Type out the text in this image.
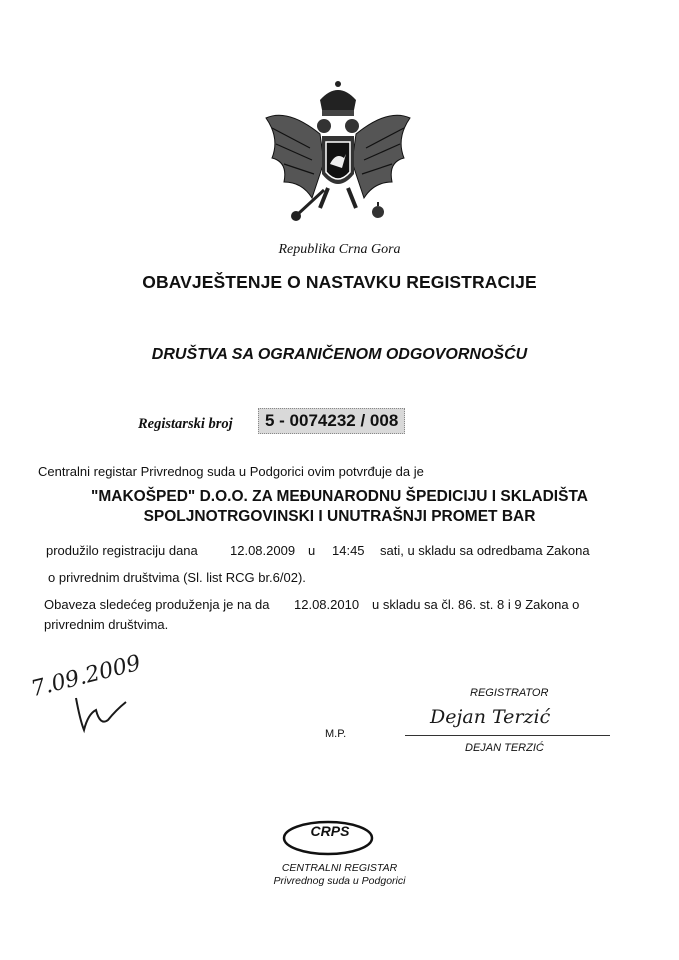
Republika Crna Gora
OBAVJEŠTENJE O NASTAVKU REGISTRACIJE
DRUŠTVA SA OGRANIČENOM ODGOVORNOŠĆU
Registarski broj	5 - 0074232 / 008
Centralni registar Privrednog suda u Podgorici ovim potvrđuje da je
"MAKOŠPED" D.O.O. ZA MEĐUNARODNU ŠPEDICIJU I SKLADIŠTA
SPOLJNOTRGOVINSKI I UNUTRAŠNJI PROMET BAR
produžilo registraciju dana 12.08.2009 u 14:45 sati, u skladu sa odredbama Zakona
o privrednim društvima (Sl. list RCG br.6/02).
Obaveza sledećeg produženja je na da 12.08.2010 u skladu sa čl. 86. st. 8 i 9 Zakona o
privrednim društvima.
7.09.2009	REGISTRATOR
Dejan Terzić
M.P.
DEJAN TERZIĆ
CRPS
CENTRALNI REGISTAR
Privrednog suda u Podgorici
